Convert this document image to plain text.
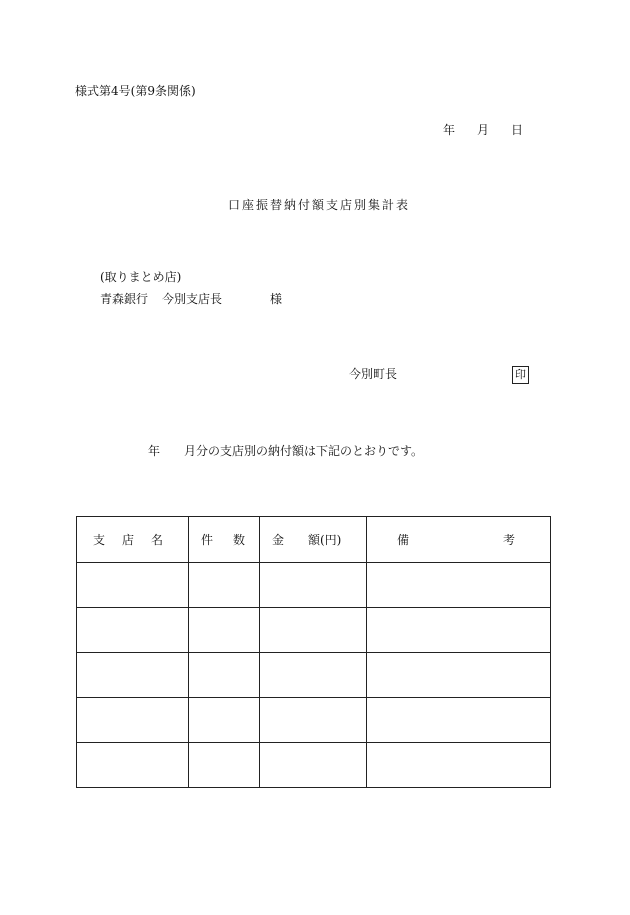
様式第4号(第9条関係)
年 月 日
口座振替納付額支店別集計表
(取りまとめ店)
青森銀行 今別支店長	様
今別町長	印
年 月分の支店別の納付額は下記のとおりです。
支 店 名	件 数	金 額(円)	備 考
